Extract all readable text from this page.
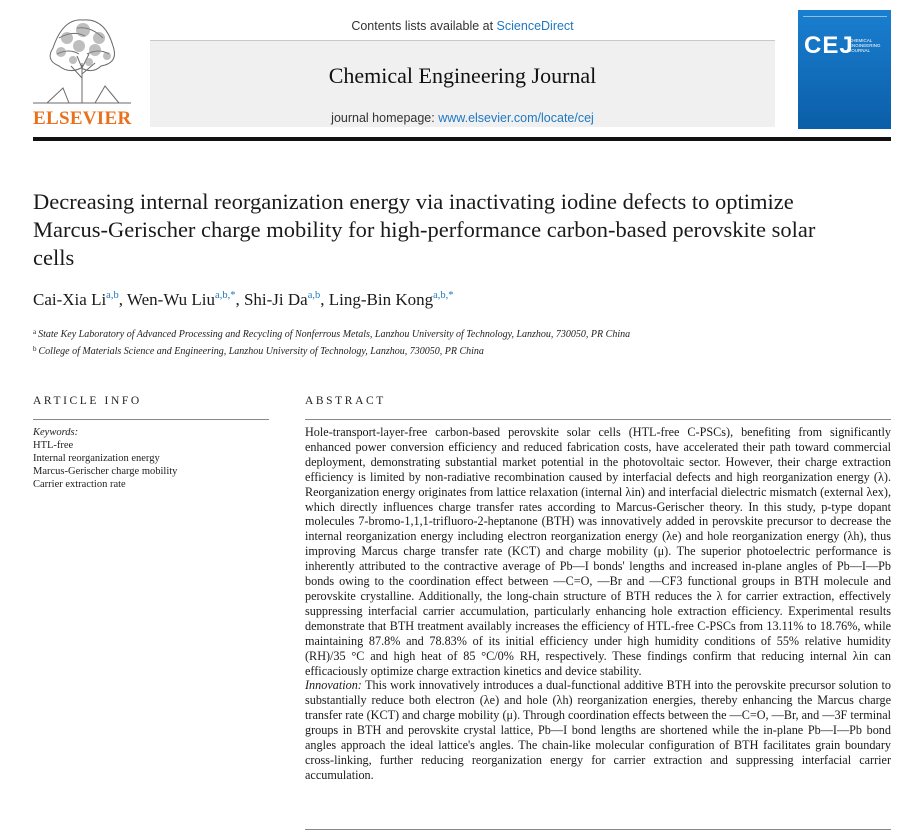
ELSEVIER
Contents lists available at ScienceDirect
Chemical Engineering Journal
journal homepage: www.elsevier.com/locate/cej
CEJ
CHEMICAL ENGINEERING JOURNAL
Decreasing internal reorganization energy via inactivating iodine defects to optimize Marcus-Gerischer charge mobility for high-performance carbon-based perovskite solar cells
Cai-Xia Li$^{a,b}$, Wen-Wu Liu$^{a,b,*}$, Shi-Ji Da$^{a,b}$, Ling-Bin Kong$^{a,b,*}$
$^a$ State Key Laboratory of Advanced Processing and Recycling of Nonferrous Metals, Lanzhou University of Technology, Lanzhou, 730050, PR China
$^b$ College of Materials Science and Engineering, Lanzhou University of Technology, Lanzhou, 730050, PR China
ARTICLE INFO
Keywords:
HTL-free
Internal reorganization energy
Marcus-Gerischer charge mobility
Carrier extraction rate
ABSTRACT

Hole-transport-layer-free carbon-based perovskite solar cells (HTL-free C-PSCs), benefiting from significantly enhanced power conversion efficiency and reduced fabrication costs, have accelerated their path toward commercial deployment, demonstrating substantial market potential in the photovoltaic sector. However, their charge extraction efficiency is limited by non-radiative recombination caused by interfacial defects and high reorganization energy (λ). Reorganization energy originates from lattice relaxation (internal λin) and interfacial dielectric mismatch (external λex), which directly influences charge transfer rates according to Marcus-Gerischer theory. In this study, p-type dopant molecules 7-bromo-1,1,1-trifluoro-2-heptanone (BTH) was innovatively added in perovskite precursor to decrease the internal reorganization energy including electron reorganization energy (λe) and hole reorganization energy (λh), thus improving Marcus charge transfer rate (KCT) and charge mobility (μ). The superior photoelectric performance is inherently attributed to the contractive average of Pb—I bonds' lengths and increased in-plane angles of Pb—I—Pb bonds owing to the coordination effect between —C=O, —Br and —CF3 functional groups in BTH molecule and perovskite crystalline. Additionally, the long-chain structure of BTH reduces the λ for carrier extraction, effectively suppressing interfacial carrier accumulation, particularly enhancing hole extraction efficiency. Experimental results demonstrate that BTH treatment availably increases the efficiency of HTL-free C-PSCs from 13.11% to 18.76%, while maintaining 87.8% and 78.83% of its initial efficiency under high humidity conditions of 55% relative humidity (RH)/35 °C and high heat of 85 °C/0% RH, respectively. These findings confirm that reducing internal λin can efficaciously optimize charge extraction kinetics and device stability.

Innovation: This work innovatively introduces a dual-functional additive BTH into the perovskite precursor solution to substantially reduce both electron (λe) and hole (λh) reorganization energies, thereby enhancing the Marcus charge transfer rate (KCT) and charge mobility (μ). Through coordination effects between the —C=O, —Br, and —3F terminal groups in BTH and perovskite crystal lattice, Pb—I bond lengths are shortened while the in-plane Pb—I—Pb bond angles approach the ideal lattice's angles. The chain-like molecular configuration of BTH facilitates grain boundary cross-linking, further reducing reorganization energy for carrier extraction and suppressing interfacial carrier accumulation.
